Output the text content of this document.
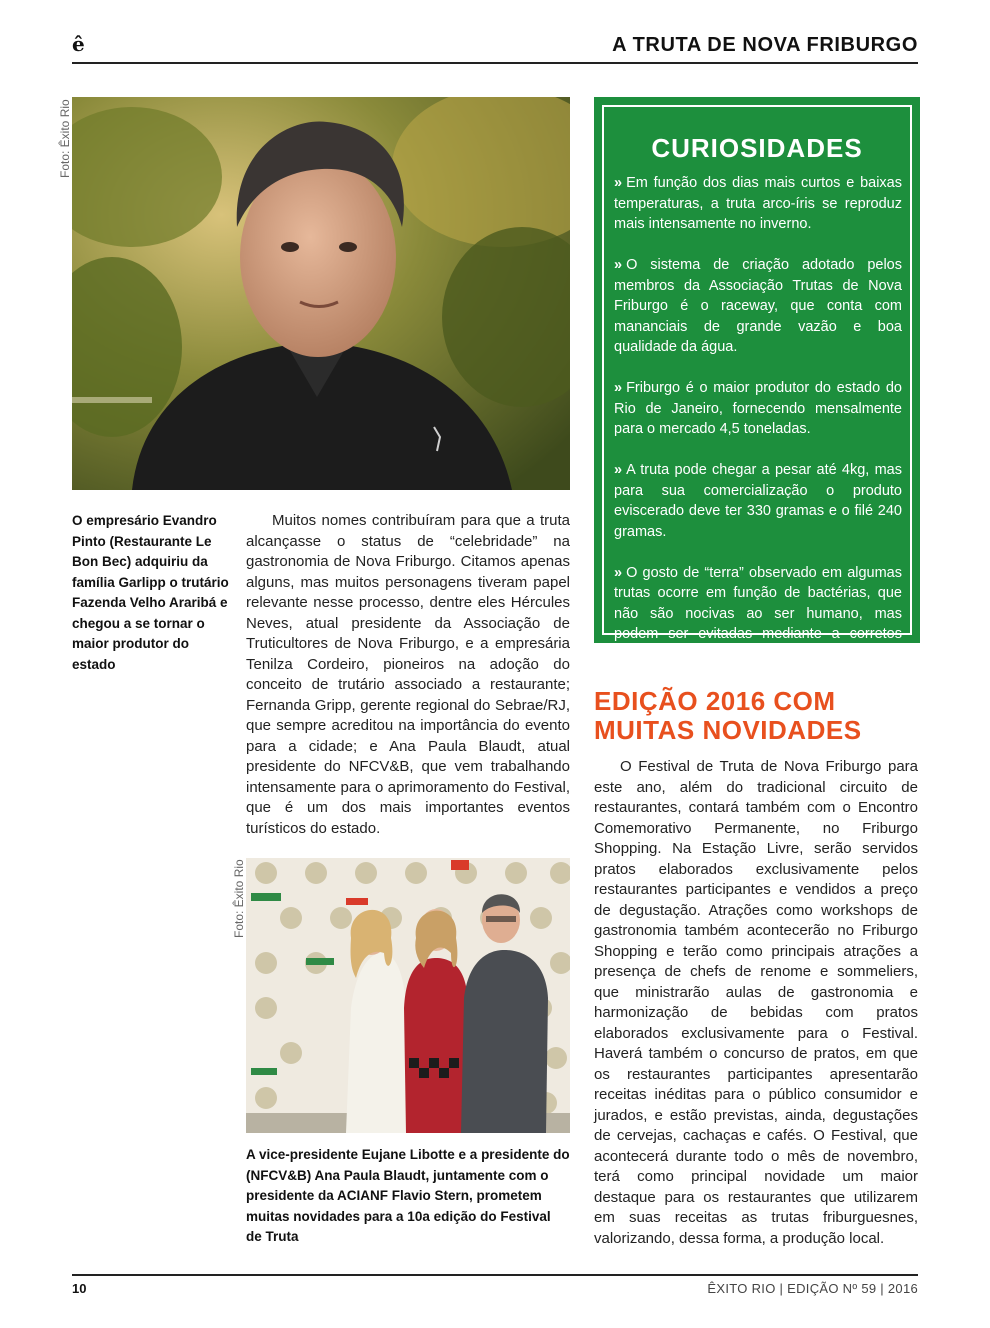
ê	A TRUTA DE NOVA FRIBURGO
Foto: Êxito Rio
O empresário Evandro Pinto (Restaurante Le Bon Bec) adquiriu da família Garlipp o trutário Fazenda Velho Araribá e chegou a se tornar o maior produtor do estado

Muitos nomes contribuíram para que a truta alcançasse o status de “celebridade” na gastronomia de Nova Friburgo. Citamos apenas alguns, mas muitos personagens tiveram papel relevante nesse processo, dentre eles Hércules Neves, atual presidente da Associação de Truticultores de Nova Friburgo, e a empresária Tenilza Cordeiro, pioneiros na adoção do conceito de trutário associado a restaurante; Fernanda Gripp, gerente regional do Sebrae/RJ, que sempre acreditou na importância do evento para a cidade; e Ana Paula Blaudt, atual presidente do NFCV&B, que vem trabalhando intensamente para o aprimoramento do Festival, que é um dos mais importantes eventos turísticos do estado.

Foto: Êxito Rio
A vice-presidente Eujane Libotte e a presidente do (NFCV&B) Ana Paula Blaudt, juntamente com o presidente da ACIANF Flavio Stern, prometem muitas novidades para a 10a edição do Festival de Truta
CURIOSIDADES

» Em função dos dias mais curtos e baixas temperaturas, a truta arco-íris se reproduz mais intensamente no inverno.

» O sistema de criação adotado pelos membros da Associação Trutas de Nova Friburgo é o raceway, que conta com mananciais de grande vazão e boa qualidade da água.

» Friburgo é o maior produtor do estado do Rio de Janeiro, fornecendo mensalmente para o mercado 4,5 toneladas.

» A truta pode chegar a pesar até 4kg, mas para sua comercialização o produto eviscerado deve ter 330 gramas e o filé 240 gramas.

» O gosto de “terra” observado em algumas trutas ocorre em função de bactérias, que não são nocivas ao ser humano, mas podem ser evitadas mediante a corretos procedimentos de higiene na criação e abate.

EDIÇÃO 2016 COM MUITAS NOVIDADES

O Festival de Truta de Nova Friburgo para este ano, além do tradicional circuito de restaurantes, contará também com o Encontro Comemorativo Permanente, no Friburgo Shopping. Na Estação Livre, serão servidos pratos elaborados exclusivamente pelos restaurantes participantes e vendidos a preço de degustação. Atrações como workshops de gastronomia também acontecerão no Friburgo Shopping e terão como principais atrações a presença de chefs de renome e sommeliers, que ministrarão aulas de gastronomia e harmonização de bebidas com pratos elaborados exclusivamente para o Festival. Haverá também o concurso de pratos, em que os restaurantes participantes apresentarão receitas inéditas para o público consumidor e jurados, e estão previstas, ainda, degustações de cervejas, cachaças e cafés. O Festival, que acontecerá durante todo o mês de novembro, terá como principal novidade um maior destaque para os restaurantes que utilizarem em suas receitas as trutas friburguesnes, valorizando, dessa forma, a produção local.

10	ÊXITO RIO | EDIÇÃO Nº 59 | 2016
